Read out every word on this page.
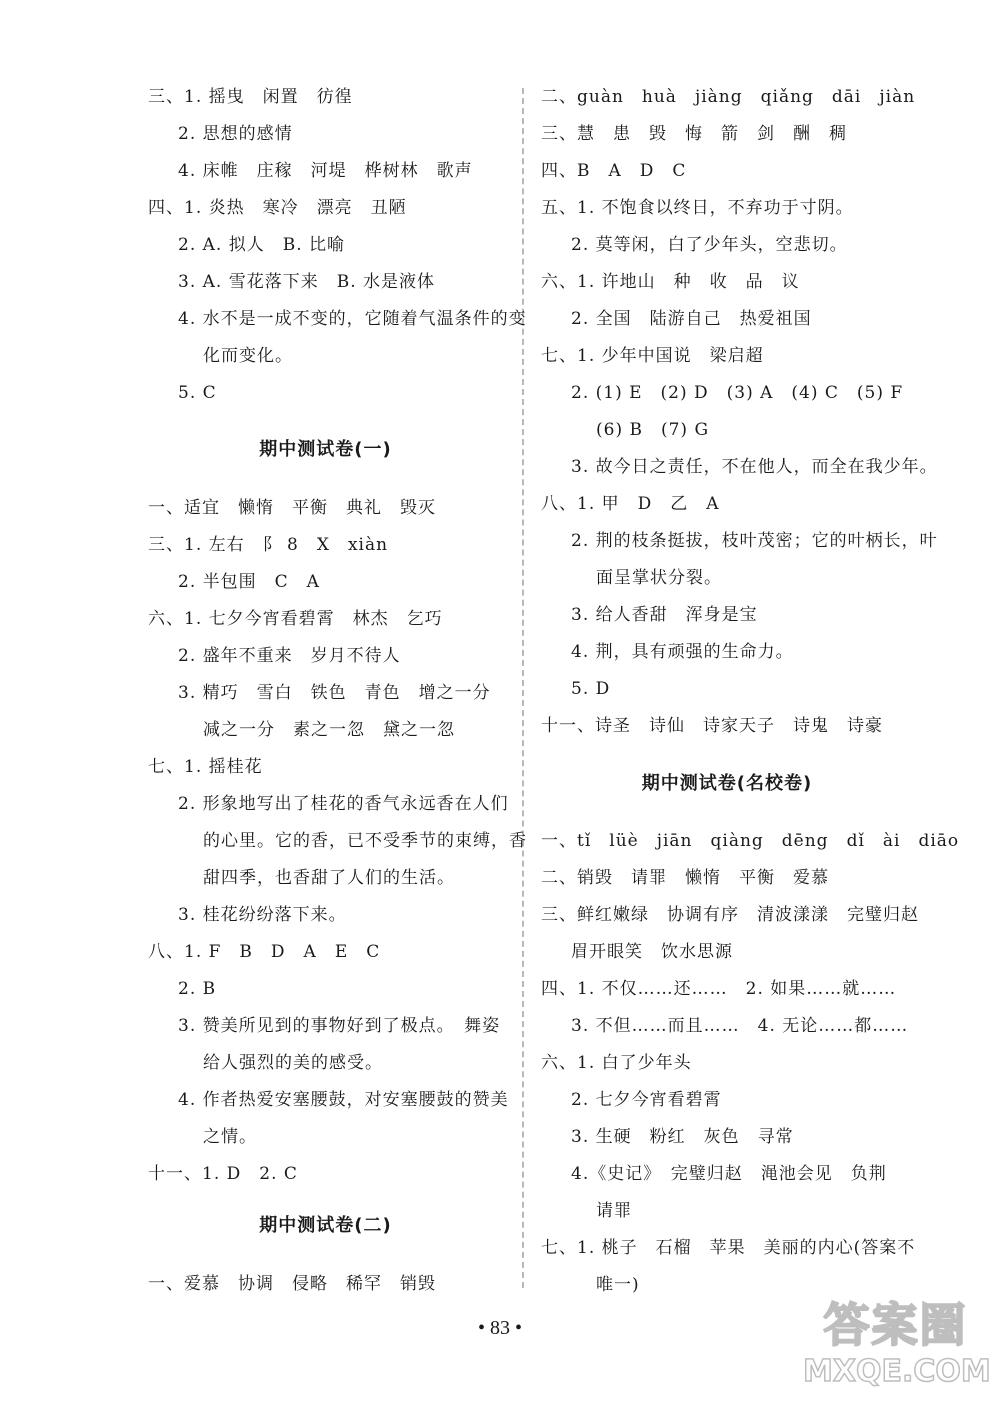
三、1. 摇曳　闲置　彷徨
2. 思想的感情
4. 床帷　庄稼　河堤　桦树林　歌声
四、1. 炎热　寒冷　漂亮　丑陋
2. A. 拟人　B. 比喻
3. A. 雪花落下来　B. 水是液体
4. 水不是一成不变的，它随着气温条件的变
化而变化。
5. C
期中测试卷(一)
一、适宜　懒惰　平衡　典礼　毁灭
三、1. 左右　阝 8　X　xiàn
2. 半包围　C　A
六、1. 七夕今宵看碧霄　林杰　乞巧
2. 盛年不重来　岁月不待人
3. 精巧　雪白　铁色　青色　增之一分
减之一分　素之一忽　黛之一忽
七、1. 摇桂花
2. 形象地写出了桂花的香气永远香在人们
的心里。它的香，已不受季节的束缚，香
甜四季，也香甜了人们的生活。
3. 桂花纷纷落下来。
八、1. F　B　D　A　E　C
2. B
3. 赞美所见到的事物好到了极点。　舞姿
给人强烈的美的感受。
4. 作者热爱安塞腰鼓，对安塞腰鼓的赞美
之情。
十一、1. D　2. C
期中测试卷(二)
一、爱慕　协调　侵略　稀罕　销毁
二、guàn　huà　jiàng　qiǎng　dāi　jiàn
三、慧　患　毁　悔　箭　剑　酬　稠
四、B　A　D　C
五、1. 不饱食以终日，不弃功于寸阴。
2. 莫等闲，白了少年头，空悲切。
六、1. 许地山　种　收　品　议
2. 全国　陆游自己　热爱祖国
七、1. 少年中国说　梁启超
2. (1) E　(2) D　(3) A　(4) C　(5) F
(6) B　(7) G
3. 故今日之责任，不在他人，而全在我少年。
八、1. 甲　D　乙　A
2. 荆的枝条挺拔，枝叶茂密；它的叶柄长，叶
面呈掌状分裂。
3. 给人香甜　浑身是宝
4. 荆，具有顽强的生命力。
5. D
十一、诗圣　诗仙　诗家天子　诗鬼　诗豪
期中测试卷(名校卷)
一、tǐ　lüè　jiān　qiàng　dēng　dǐ　ài　diāo
二、销毁　请罪　懒惰　平衡　爱慕
三、鲜红嫩绿　协调有序　清波漾漾　完璧归赵
眉开眼笑　饮水思源
四、1. 不仅……还……　2. 如果……就……
3. 不但……而且……　4. 无论……都……
六、1. 白了少年头
2. 七夕今宵看碧霄
3. 生硬　粉红　灰色　寻常
4.《史记》　完璧归赵　渑池会见　负荆
请罪
七、1. 桃子　石榴　苹果　美丽的内心(答案不
唯一)
• 83 •	答案圈
MXQE.COM
